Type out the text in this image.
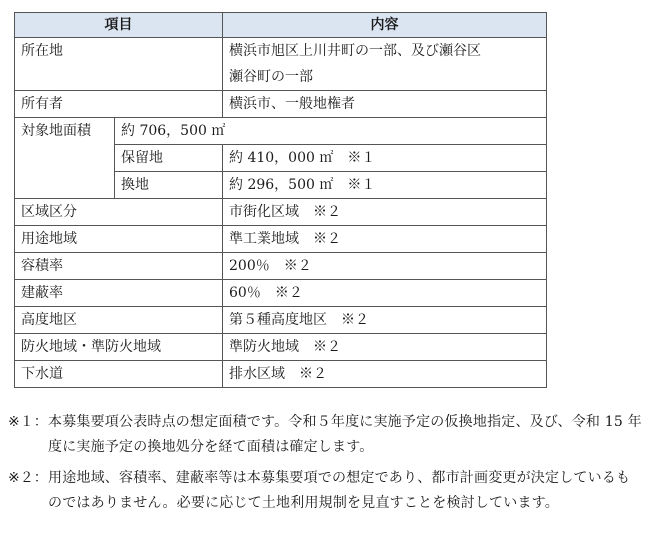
項目		内容
所在地		横浜市旭区上川井町の一部、及び瀬谷区
瀬谷町の一部

所有者		横浜市、一般地権者
対象地面積	約 706，500 ㎡	
	保留地	約 410，000 ㎡　※１
	換地	約 296，500 ㎡　※１
区域区分		市街化区域　※２
用途地域		準工業地域　※２
容積率		200％　※２
建蔽率		60％　※２
高度地区		第５種高度地区　※２
防火地域・準防火地域		準防火地域　※２
下水道		排水区域　※２
※１： 本募集要項公表時点の想定面積です。令和５年度に実施予定の仮換地指定、及び、令和 15 年度に実施予定の換地処分を経て面積は確定します。
※２： 用途地域、容積率、建蔽率等は本募集要項での想定であり、都市計画変更が決定しているものではありません。必要に応じて土地利用規制を見直すことを検討しています。
